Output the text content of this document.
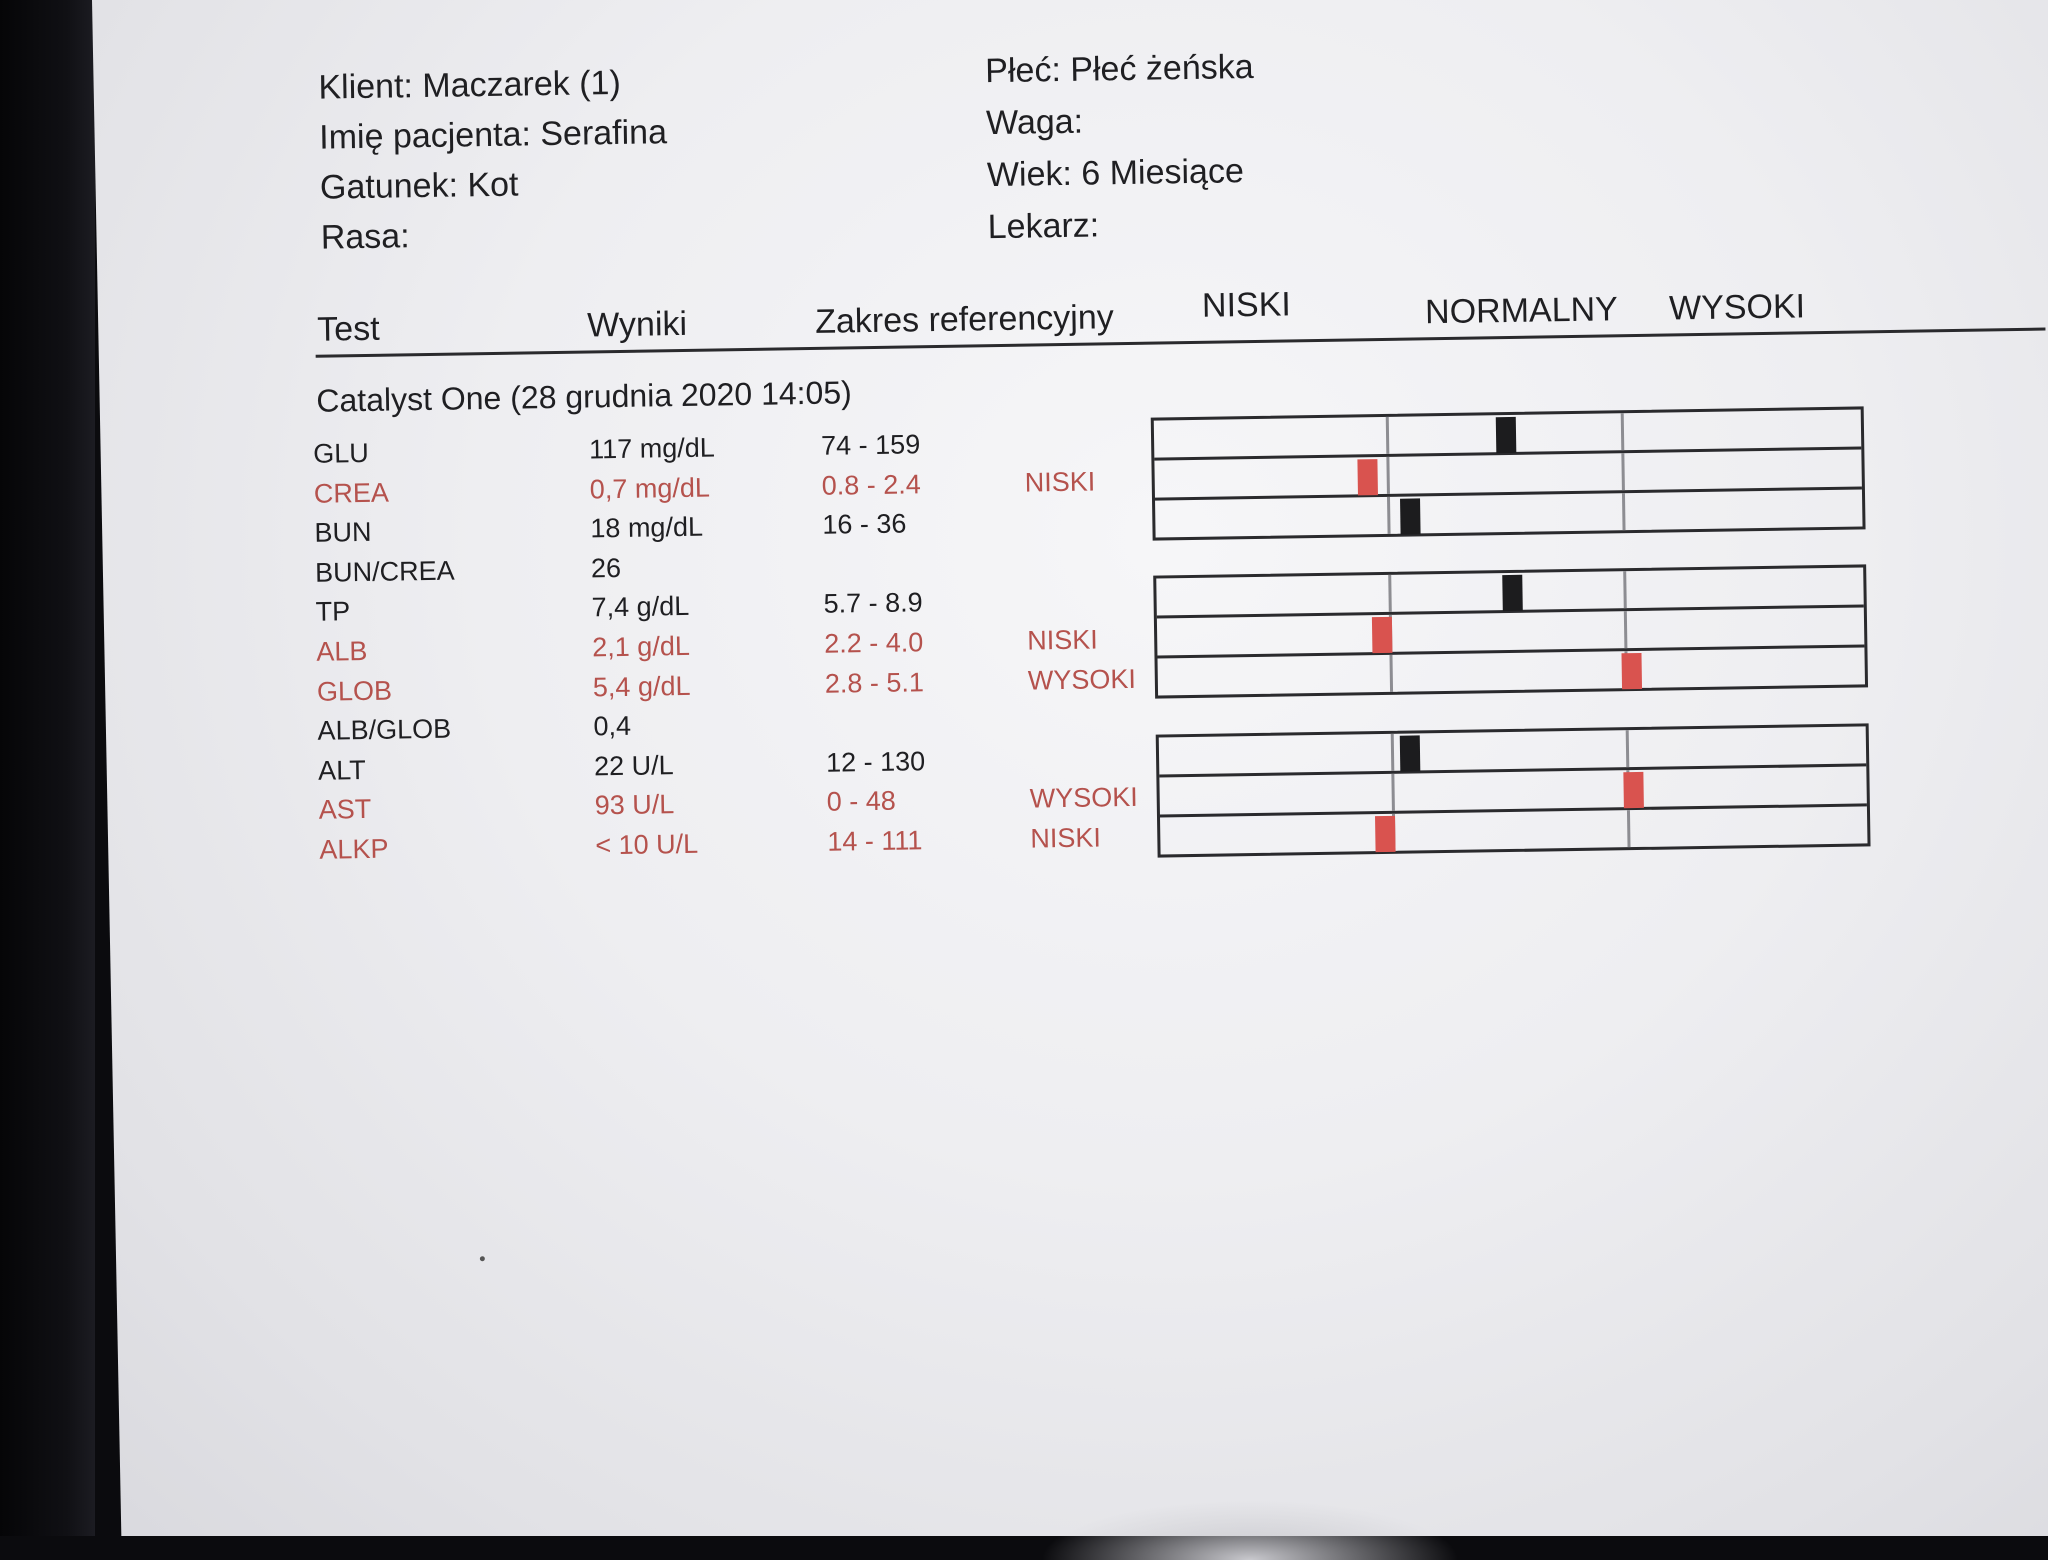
Klient: Maczarek (1)
Imię pacjenta: Serafina
Gatunek: Kot
Rasa:
Płeć: Płeć żeńska
Waga:
Wiek: 6 Miesiące
Lekarz:
Test	Wyniki	Zakres referencyjny	NISKI	NORMALNY WYSOKI
Catalyst One (28 grudnia 2020 14:05)
GLU	117 mg/dL	74 - 159
CREA	0,7 mg/dL	0.8 - 2.4	NISKI
BUN	18 mg/dL	16 - 36
BUN/CREA	26
TP	7,4 g/dL	5.7 - 8.9
ALB	2,1 g/dL	2.2 - 4.0	NISKI
GLOB	5,4 g/dL	2.8 - 5.1	WYSOKI
ALB/GLOB	0,4
ALT	22 U/L	12 - 130
AST	93 U/L	0 - 48	WYSOKI
ALKP	< 10 U/L	14 - 111	NISKI
